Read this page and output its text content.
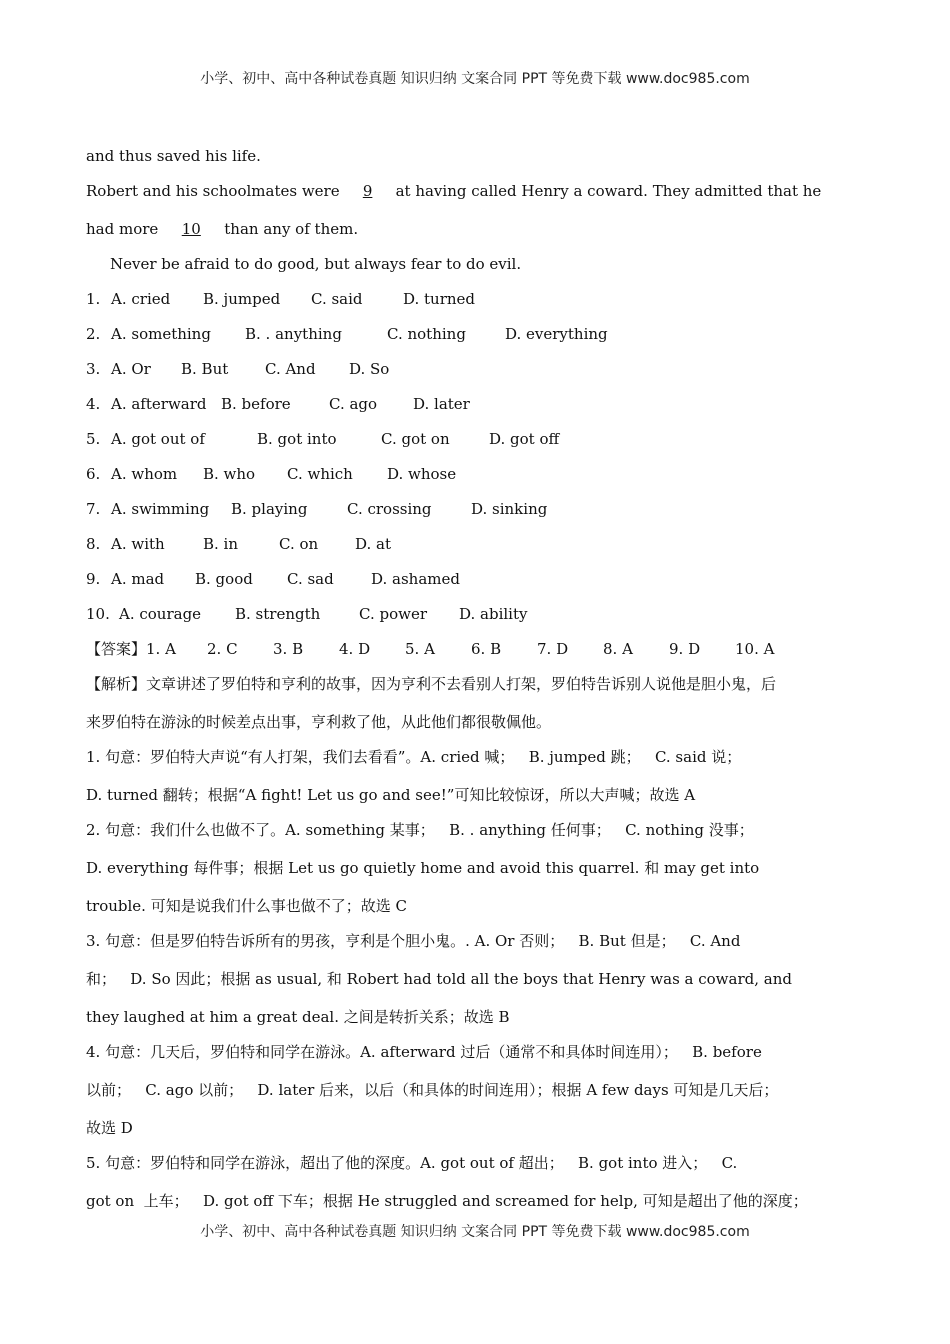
小学、初中、高中各种试卷真题 知识归纳 文案合同 PPT 等免费下载 www.doc985.com
and thus saved his life.
Robert and his schoolmates were 9 at having called Henry a coward. They admitted that he
had more 10 than any of them.
Never be afraid to do good, but always fear to do evil.
1. A. cried B. jumped C. said	D. turned
2. A. something B. . anything	C. nothing	D. everything
3. A. Or B. But C. And D. So
4. A. afterward B. before	C. ago D. later
5. A. got out of	B. got into	C. got on	D. got off
6. A. whom B. who C. which D. whose
7. A. swimming B. playing	C. crossing	D. sinking
8. A. with	B. in	C. on D. at
9. A. mad B. good C. sad D. ashamed
10. A. courage B. strength	C. power D. ability
【答案】1. A 2. C 3. B 4. D 5. A 6. B 7. D 8. A 9. D 10. A
【解析】文章讲述了罗伯特和亨利的故事，因为亨利不去看别人打架，罗伯特告诉别人说他是胆小鬼，后
来罗伯特在游泳的时候差点出事，亨利救了他，从此他们都很敬佩他。
1. 句意：罗伯特大声说“有人打架，我们去看看”。A. cried 喊；   B. jumped 跳；   C. said 说；
D. turned 翻转；根据“A fight! Let us go and see!”可知比较惊讶，所以大声喊；故选 A
2. 句意：我们什么也做不了。A. something 某事；   B. . anything 任何事；   C. nothing 没事；
D. everything 每件事；根据 Let us go quietly home and avoid this quarrel. 和 may get into
trouble. 可知是说我们什么事也做不了；故选 C
3. 句意：但是罗伯特告诉所有的男孩，亨利是个胆小鬼。. A. Or 否则；   B. But 但是；   C. And
和；   D. So 因此；根据 as usual, 和 Robert had told all the boys that Henry was a coward, and
they laughed at him a great deal. 之间是转折关系；故选 B
4. 句意：几天后，罗伯特和同学在游泳。A. afterward 过后（通常不和具体时间连用）；   B. before
以前；   C. ago 以前；   D. later 后来，以后（和具体的时间连用）；根据 A few days 可知是几天后；
故选 D
5. 句意：罗伯特和同学在游泳，超出了他的深度。A. got out of 超出；   B. got into 进入；   C.
got on  上车；   D. got off 下车；根据 He struggled and screamed for help, 可知是超出了他的深度；
小学、初中、高中各种试卷真题 知识归纳 文案合同 PPT 等免费下载 www.doc985.com
